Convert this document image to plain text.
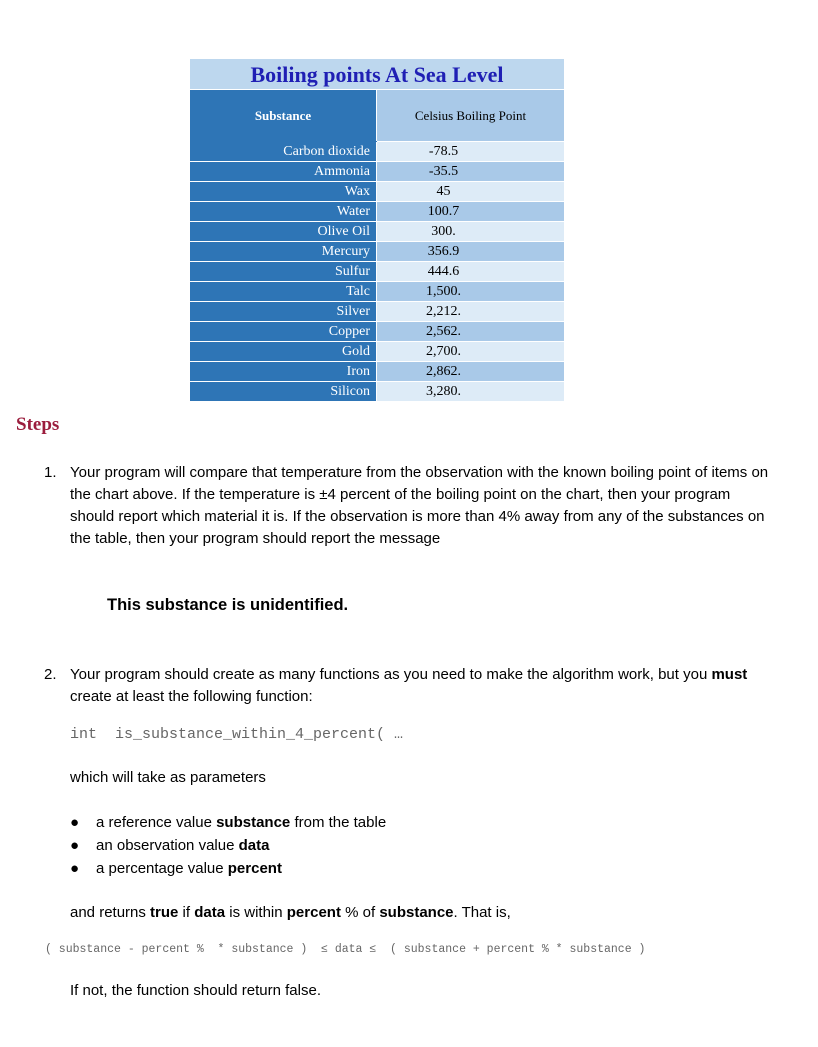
Boiling points At Sea Level	
Substance	Celsius Boiling Point

Carbon dioxide	-78.5
Ammonia	-35.5
Wax	45
Water	100.7
Olive Oil	300.
Mercury	356.9
Sulfur	444.6
Talc	1,500.
Silver	2,212.
Copper	2,562.
Gold	2,700.
Iron	2,862.
Silicon	3,280.
Steps
1. Your program will compare that temperature from the observation with the known boiling point of items on the chart above. If the temperature is ±4 percent of the boiling point on the chart, then your program should report which material it is. If the observation is more than 4% away from any of the substances on the table, then your program should report the message
This substance is unidentified.
2. Your program should create as many functions as you need to make the algorithm work, but you must create at least the following function:
int  is_substance_within_4_percent( …
which will take as parameters
● a reference value substance from the table
● an observation value data
● a percentage value percent
and returns true if data is within percent % of substance. That is,
( substance - percent %  * substance )  ≤ data ≤  ( substance + percent % * substance )
If not, the function should return false.
